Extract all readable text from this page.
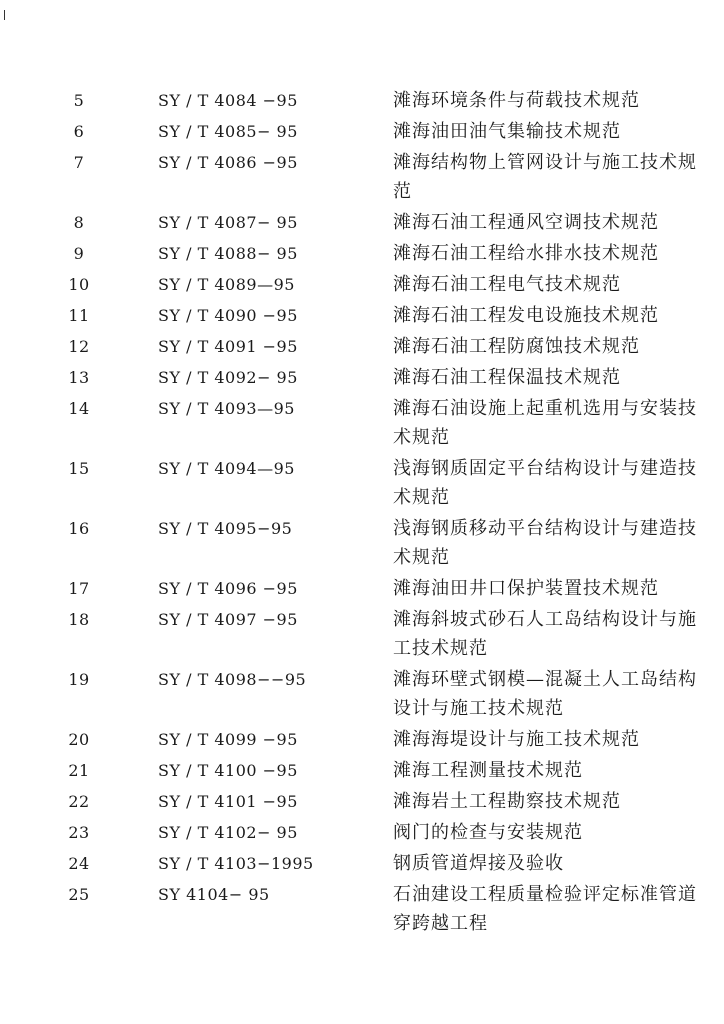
5	SY / T 4084 −95	滩海环境条件与荷载技术规范
6	SY / T 4085− 95	滩海油田油气集输技术规范
7	SY / T 4086 −95	滩海结构物上管网设计与施工技术规范
8	SY / T 4087− 95	滩海石油工程通风空调技术规范
9	SY / T 4088− 95	滩海石油工程给水排水技术规范
10	SY / T 4089—95	滩海石油工程电气技术规范
11	SY / T 4090 −95	滩海石油工程发电设施技术规范
12	SY / T 4091 −95	滩海石油工程防腐蚀技术规范
13	SY / T 4092− 95	滩海石油工程保温技术规范
14	SY / T 4093—95	滩海石油设施上起重机选用与安装技术规范
15	SY / T 4094—95	浅海钢质固定平台结构设计与建造技术规范
16	SY / T 4095−95	浅海钢质移动平台结构设计与建造技术规范
17	SY / T 4096 −95	滩海油田井口保护装置技术规范
18	SY / T 4097 −95	滩海斜坡式砂石人工岛结构设计与施工技术规范
19	SY / T 4098−−95	滩海环壁式钢模—混凝土人工岛结构设计与施工技术规范
20	SY / T 4099 −95	滩海海堤设计与施工技术规范
21	SY / T 4100 −95	滩海工程测量技术规范
22	SY / T 4101 −95	滩海岩土工程勘察技术规范
23	SY / T 4102− 95	阀门的检查与安装规范
24	SY / T 4103−1995	钢质管道焊接及验收
25	SY 4104− 95	石油建设工程质量检验评定标准管道穿跨越工程
